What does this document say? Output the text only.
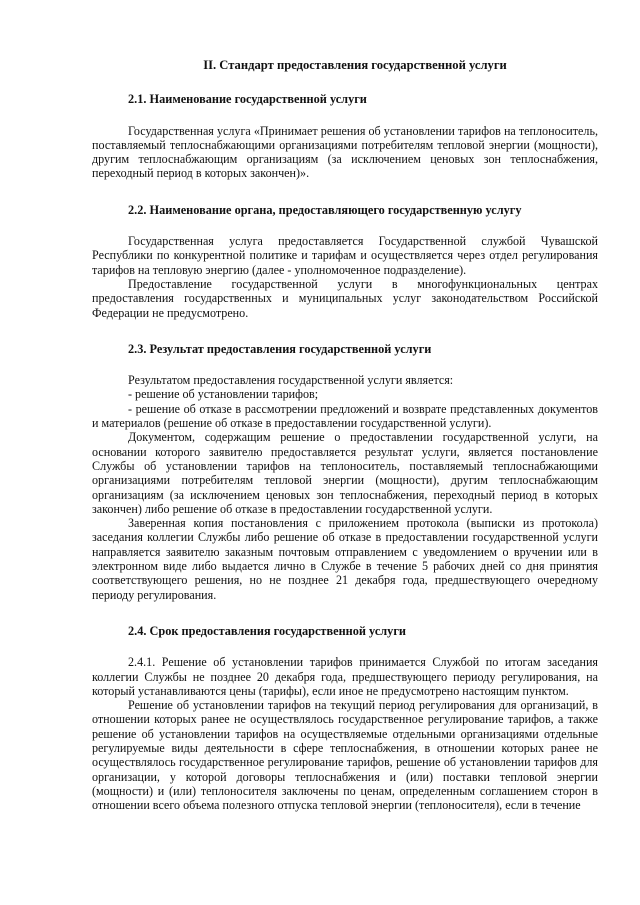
II. Стандарт предоставления государственной услуги
2.1. Наименование государственной услуги

Государственная услуга «Принимает решения об установлении тарифов на теплоноситель, поставляемый теплоснабжающими организациями потребителям тепловой энергии (мощности), другим теплоснабжающим организациям (за исключением ценовых зон теплоснабжения, переходный период в которых закончен)».

2.2. Наименование органа, предоставляющего государственную услугу

Государственная услуга предоставляется Государственной службой Чувашской Республики по конкурентной политике и тарифам и осуществляется через отдел регулирования тарифов на тепловую энергию (далее - уполномоченное подразделение).

Предоставление государственной услуги в многофункциональных центрах предоставления государственных и муниципальных услуг законодательством Российской Федерации не предусмотрено.

2.3. Результат предоставления государственной услуги

Результатом предоставления государственной услуги является:

- решение об установлении тарифов;

- решение об отказе в рассмотрении предложений и возврате представленных документов и материалов (решение об отказе в предоставлении государственной услуги).

Документом, содержащим решение о предоставлении государственной услуги, на основании которого заявителю предоставляется результат услуги, является постановление Службы об установлении тарифов на теплоноситель, поставляемый теплоснабжающими организациями потребителям тепловой энергии (мощности), другим теплоснабжающим организациям (за исключением ценовых зон теплоснабжения, переходный период в которых закончен) либо решение об отказе в предоставлении государственной услуги.

Заверенная копия постановления с приложением протокола (выписки из протокола) заседания коллегии Службы либо решение об отказе в предоставлении государственной услуги направляется заявителю заказным почтовым отправлением с уведомлением о вручении или в электронном виде либо выдается лично в Службе в течение 5 рабочих дней со дня принятия соответствующего решения, но не позднее 21 декабря года, предшествующего очередному периоду регулирования.

2.4. Срок предоставления государственной услуги

2.4.1. Решение об установлении тарифов принимается Службой по итогам заседания коллегии Службы не позднее 20 декабря года, предшествующего периоду регулирования, на который устанавливаются цены (тарифы), если иное не предусмотрено настоящим пунктом.

Решение об установлении тарифов на текущий период регулирования для организаций, в отношении которых ранее не осуществлялось государственное регулирование тарифов, а также решение об установлении тарифов на осуществляемые отдельными организациями отдельные регулируемые виды деятельности в сфере теплоснабжения, в отношении которых ранее не осуществлялось государственное регулирование тарифов, решение об установлении тарифов для организации, у которой договоры теплоснабжения и (или) поставки тепловой энергии (мощности) и (или) теплоносителя заключены по ценам, определенным соглашением сторон в отношении всего объема полезного отпуска тепловой энергии (теплоносителя), если в течение
